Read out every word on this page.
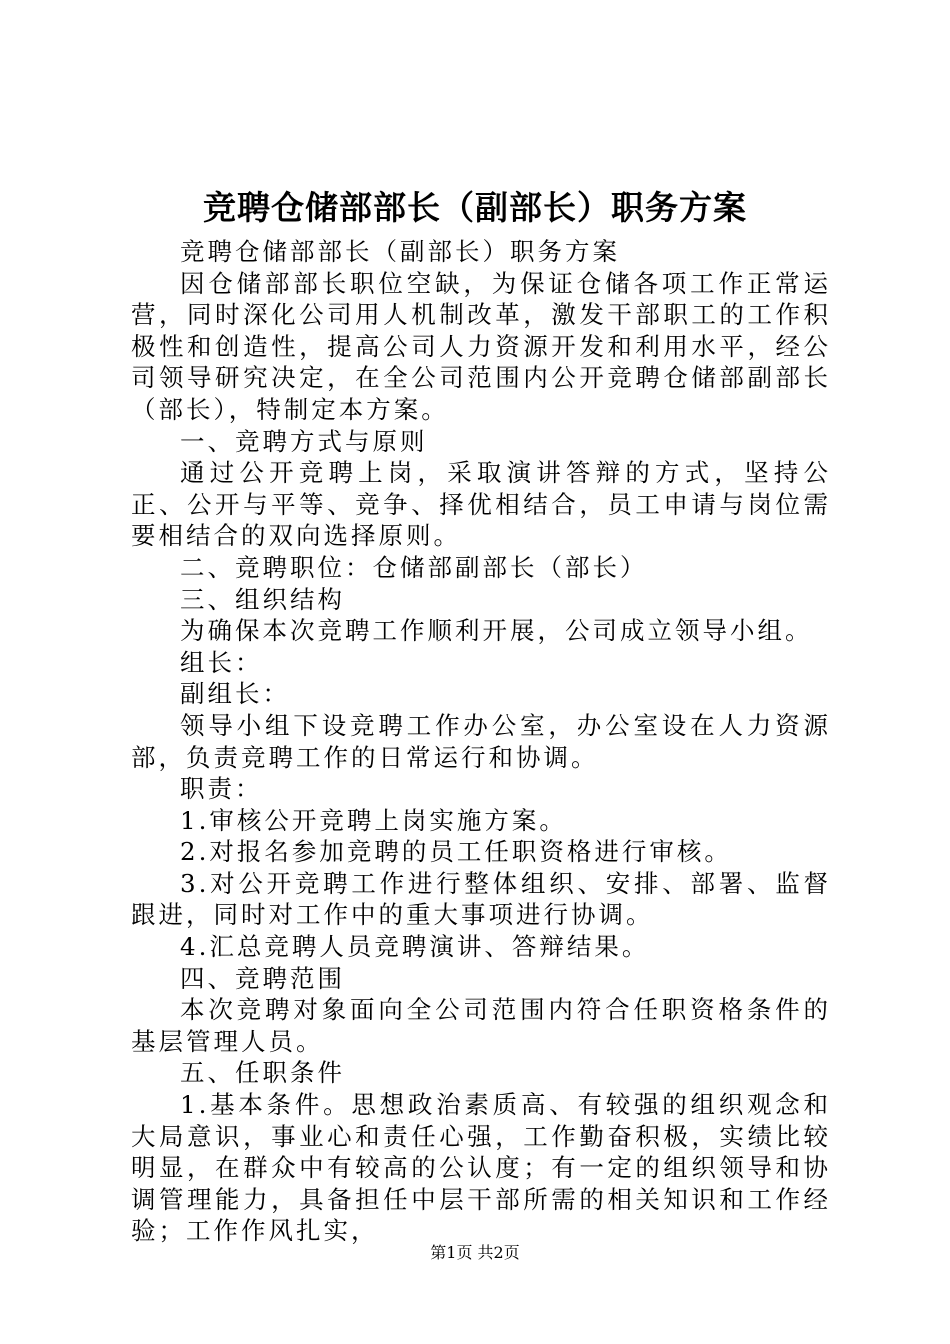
竞聘仓储部部长（副部长）职务方案

竞聘仓储部部长（副部长）职务方案

因仓储部部长职位空缺，为保证仓储各项工作正常运营，同时深化公司用人机制改革，激发干部职工的工作积极性和创造性，提高公司人力资源开发和利用水平，经公司领导研究决定，在全公司范围内公开竞聘仓储部副部长（部长），特制定本方案。

一、竞聘方式与原则

通过公开竞聘上岗，采取演讲答辩的方式，坚持公正、公开与平等、竞争、择优相结合，员工申请与岗位需要相结合的双向选择原则。

二、竞聘职位：仓储部副部长（部长）

三、组织结构

为确保本次竞聘工作顺利开展，公司成立领导小组。

组长：

副组长：

领导小组下设竞聘工作办公室，办公室设在人力资源部，负责竞聘工作的日常运行和协调。

职责：

1.审核公开竞聘上岗实施方案。

2.对报名参加竞聘的员工任职资格进行审核。

3.对公开竞聘工作进行整体组织、安排、部署、监督跟进，同时对工作中的重大事项进行协调。

4.汇总竞聘人员竞聘演讲、答辩结果。

四、竞聘范围

本次竞聘对象面向全公司范围内符合任职资格条件的基层管理人员。

五、任职条件

1.基本条件。思想政治素质高、有较强的组织观念和大局意识，事业心和责任心强，工作勤奋积极，实绩比较明显，在群众中有较高的公认度；有一定的组织领导和协调管理能力，具备担任中层干部所需的相关知识和工作经验；工作作风扎实，

第1页 共2页
